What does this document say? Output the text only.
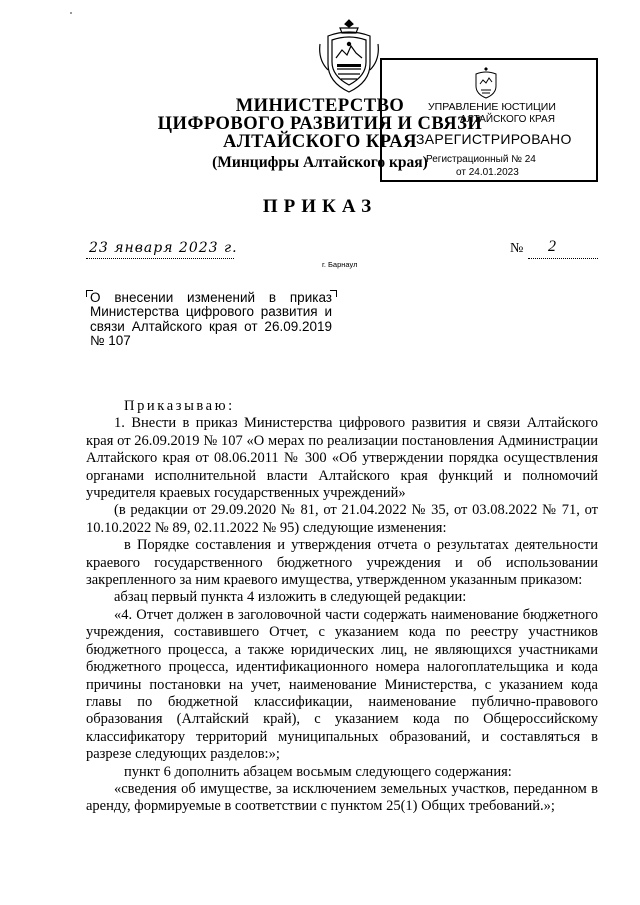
МИНИСТЕРСТВО
ЦИФРОВОГО РАЗВИТИЯ И СВЯЗИ
АЛТАЙСКОГО КРАЯ
(Минцифры Алтайского края)
УПРАВЛЕНИЕ ЮСТИЦИИ
АЛТАЙСКОГО КРАЯ
ЗАРЕГИСТРИРОВАНО
Регистрационный № 24
от 24.01.2023
ПРИКАЗ
23 января 2023 г.	№ 2
г. Барнаул
О внесении изменений в приказ Министерства цифрового развития и связи Алтайского края от 26.09.2019 № 107

Приказываю:

1. Внести в приказ Министерства цифрового развития и связи Алтайского края от 26.09.2019 № 107 «О мерах по реализации постановления Администрации Алтайского края от 08.06.2011 № 300 «Об утверждении порядка осуществления органами исполнительной власти Алтайского края функций и полномочий учредителя краевых государственных учреждений»

(в редакции от 29.09.2020 № 81, от 21.04.2022 № 35, от 03.08.2022 № 71, от 10.10.2022 № 89, 02.11.2022 № 95) следующие изменения:

в Порядке составления и утверждения отчета о результатах деятельности краевого государственного бюджетного учреждения и об использовании закрепленного за ним краевого имущества, утвержденном указанным приказом:

абзац первый пункта 4 изложить в следующей редакции:

«4. Отчет должен в заголовочной части содержать наименование бюджетного учреждения, составившего Отчет, с указанием кода по реестру участников бюджетного процесса, а также юридических лиц, не являющихся участниками бюджетного процесса, идентификационного номера налогоплательщика и кода причины постановки на учет, наименование Министерства, с указанием кода главы по бюджетной классификации, наименование публично-правового образования (Алтайский край), с указанием кода по Общероссийскому классификатору территорий муниципальных образований, и составляться в разрезе следующих разделов:»;

пункт 6 дополнить абзацем восьмым следующего содержания:

«сведения об имуществе, за исключением земельных участков, переданном в аренду, формируемые в соответствии с пунктом 25(1) Общих требований.»;
